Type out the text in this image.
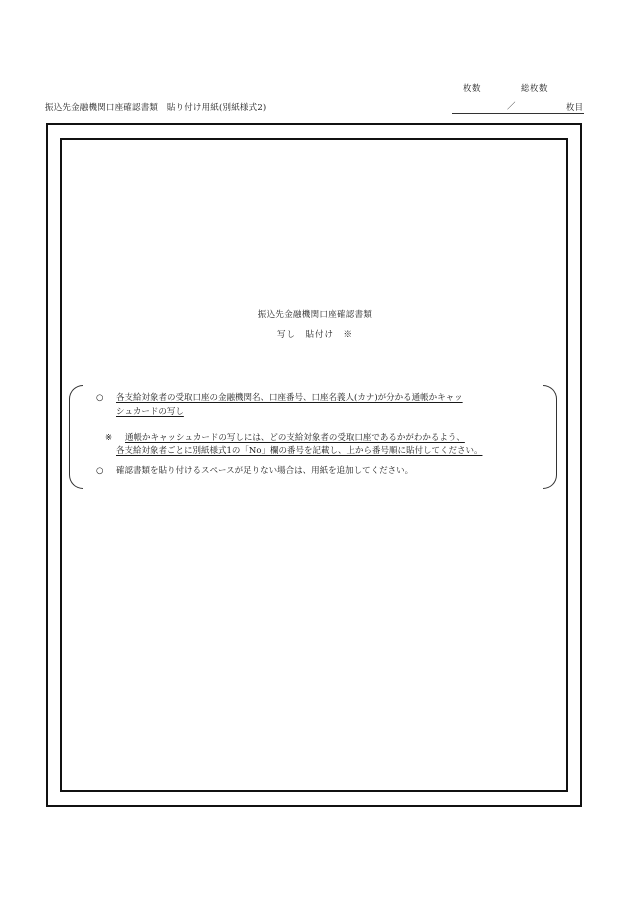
枚数	総枚数
振込先金融機関口座確認書類　貼り付け用紙(別紙様式2)	／	枚目
振込先金融機関口座確認書類
写し　貼付け　※
○ 各支給対象者の受取口座の金融機関名、口座番号、口座名義人(カナ)が分かる通帳かキャッ
シュカードの写し
※ 通帳かキャッシュカードの写しには、どの支給対象者の受取口座であるかがわかるよう、
各支給対象者ごとに別紙様式1の「No」欄の番号を記載し、上から番号順に貼付してください。
○ 確認書類を貼り付けるスペースが足りない場合は、用紙を追加してください。
